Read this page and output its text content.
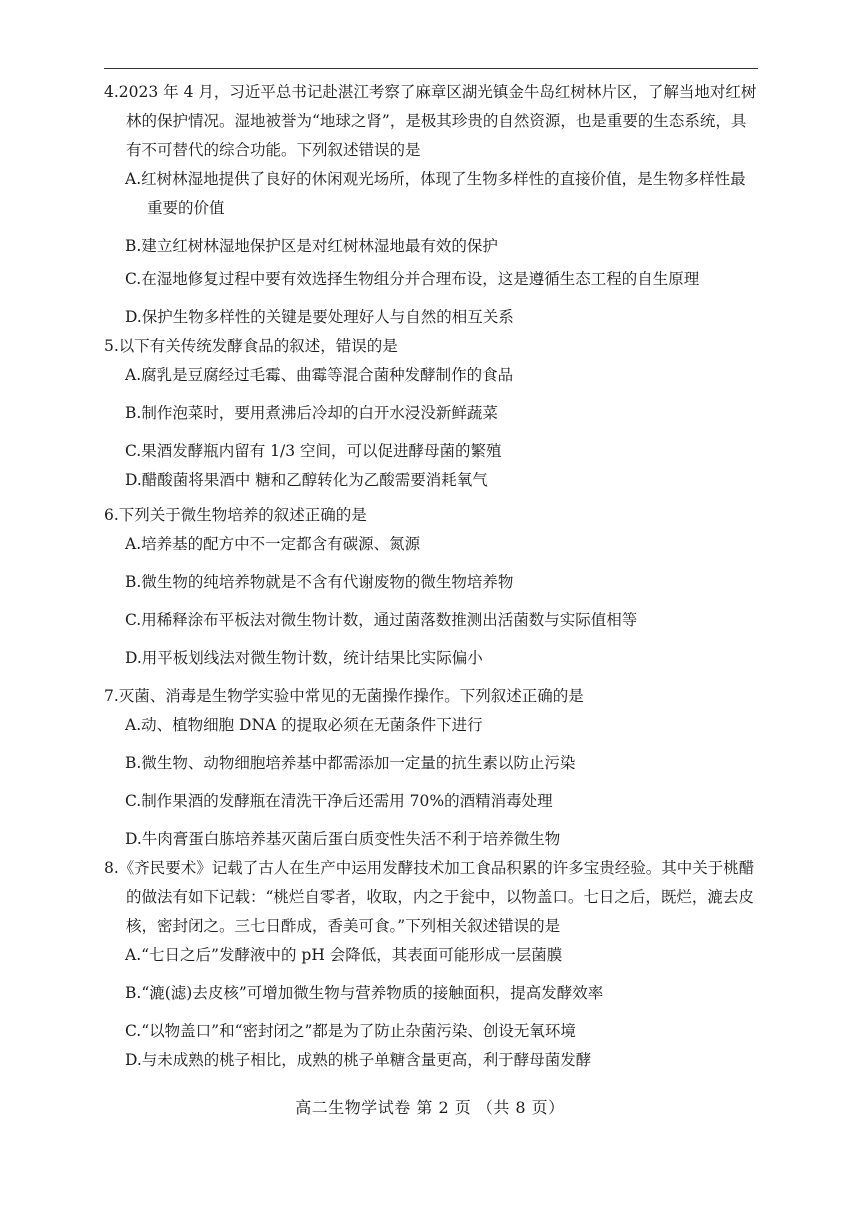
4.2023 年 4 月，习近平总书记赴湛江考察了麻章区湖光镇金牛岛红树林片区，了解当地对红树林的保护情况。湿地被誉为“地球之肾”，是极其珍贵的自然资源，也是重要的生态系统，具有不可替代的综合功能。下列叙述错误的是

A.红树林湿地提供了良好的休闲观光场所，体现了生物多样性的直接价值，是生物多样性最重要的价值

B.建立红树林湿地保护区是对红树林湿地最有效的保护

C.在湿地修复过程中要有效选择生物组分并合理布设，这是遵循生态工程的自生原理

D.保护生物多样性的关键是要处理好人与自然的相互关系

5.以下有关传统发酵食品的叙述，错误的是

A.腐乳是豆腐经过毛霉、曲霉等混合菌种发酵制作的食品

B.制作泡菜时，要用煮沸后冷却的白开水浸没新鲜蔬菜

C.果酒发酵瓶内留有 1/3 空间，可以促进酵母菌的繁殖

D.醋酸菌将果酒中 糖和乙醇转化为乙酸需要消耗氧气

6.下列关于微生物培养的叙述正确的是

A.培养基的配方中不一定都含有碳源、氮源

B.微生物的纯培养物就是不含有代谢废物的微生物培养物

C.用稀释涂布平板法对微生物计数，通过菌落数推测出活菌数与实际值相等

D.用平板划线法对微生物计数，统计结果比实际偏小

7.灭菌、消毒是生物学实验中常见的无菌操作操作。下列叙述正确的是

A.动、植物细胞 DNA 的提取必须在无菌条件下进行

B.微生物、动物细胞培养基中都需添加一定量的抗生素以防止污染

C.制作果酒的发酵瓶在清洗干净后还需用 70%的酒精消毒处理

D.牛肉膏蛋白胨培养基灭菌后蛋白质变性失活不利于培养微生物

8.《齐民要术》记载了古人在生产中运用发酵技术加工食品积累的许多宝贵经验。其中关于桃醋的做法有如下记载：“桃烂自零者，收取，内之于瓮中，以物盖口。七日之后，既烂，漉去皮核，密封闭之。三七日酢成，香美可食。”下列相关叙述错误的是

A.“七日之后”发酵液中的 pH 会降低，其表面可能形成一层菌膜

B.“漉(滤)去皮核”可增加微生物与营养物质的接触面积，提高发酵效率

C.“以物盖口”和“密封闭之”都是为了防止杂菌污染、创设无氧环境

D.与未成熟的桃子相比，成熟的桃子单糖含量更高，利于酵母菌发酵

高二生物学试卷 第 2 页 （共 8 页）
